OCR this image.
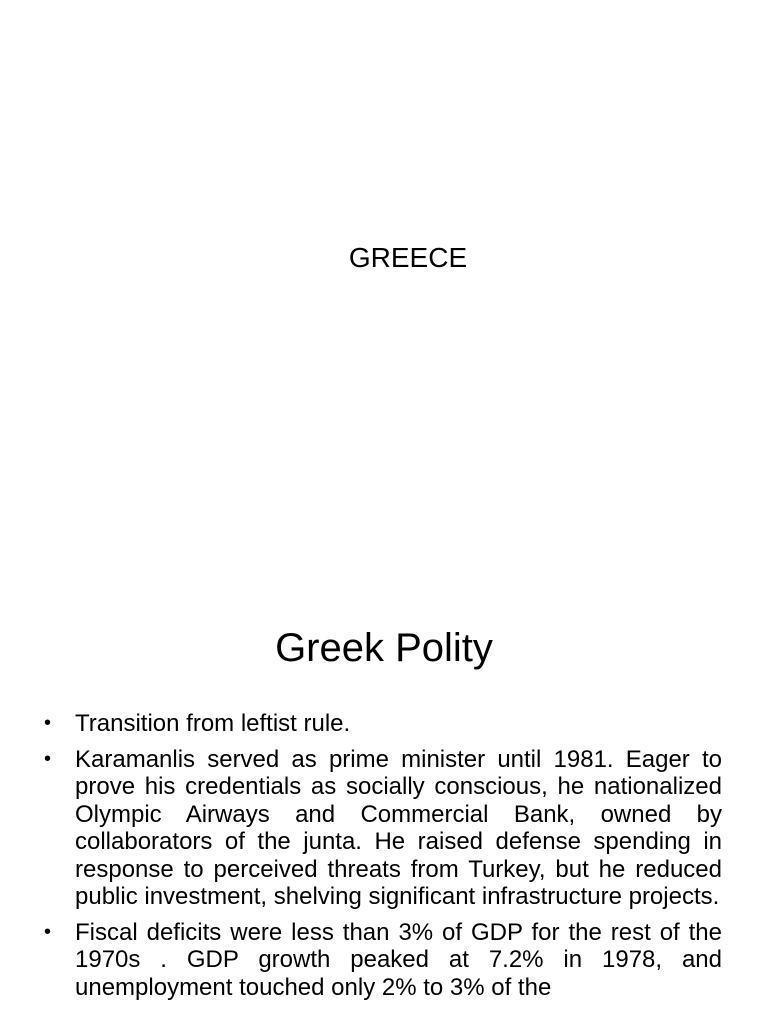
GREECE
Greek Polity
• Transition from leftist rule.
• Karamanlis served as prime minister until 1981. Eager to prove his credentials as socially conscious, he nationalized Olympic Airways and Commercial Bank, owned by collaborators of the junta. He raised defense spending in response to perceived threats from Turkey, but he reduced public investment, shelving significant infrastructure projects.
• Fiscal deficits were less than 3% of GDP for the rest of the 1970s . GDP growth peaked at 7.2% in 1978, and unemployment touched only 2% to 3% of the
